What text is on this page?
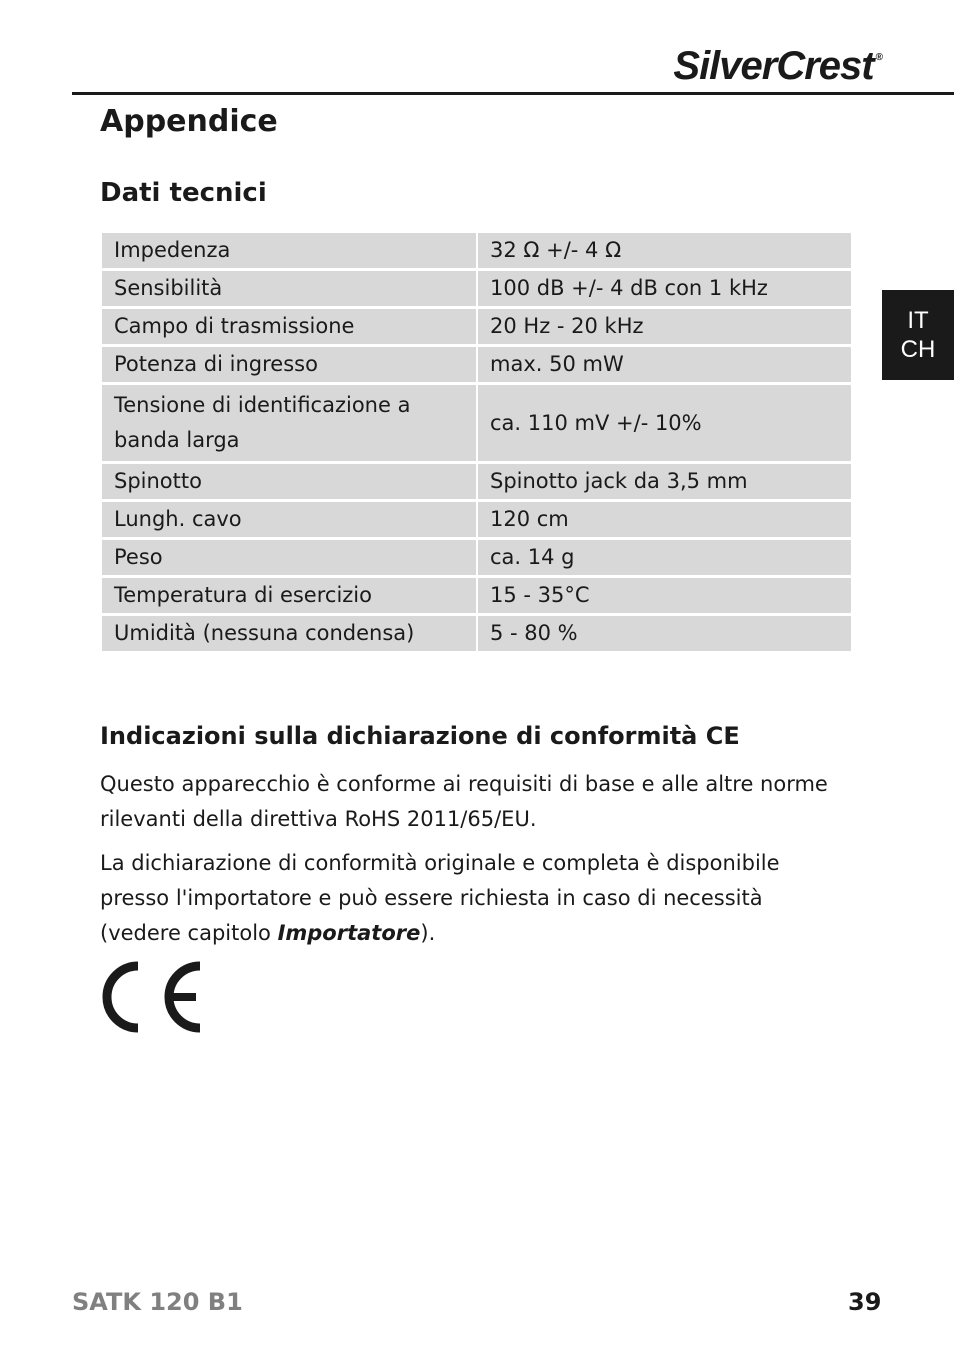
SilverCrest ®
Appendice
Dati tecnici
IT
CH
Impedenza	32 Ω +/- 4 Ω
Sensibilità	100 dB +/- 4 dB con 1 kHz
Campo di trasmissione	20 Hz - 20 kHz
Potenza di ingresso	max. 50 mW
Tensione di identificazione a banda larga	ca. 110 mV +/- 10%
Spinotto	Spinotto jack da 3,5 mm
Lungh. cavo	120 cm
Peso	ca. 14 g
Temperatura di esercizio	15 - 35°C
Umidità (nessuna condensa)	5 - 80 %
Indicazioni sulla dichiarazione di conformità CE

Questo apparecchio è conforme ai requisiti di base e alle altre norme rilevanti della direttiva RoHS 2011/65/EU.

La dichiarazione di conformità originale e completa è disponibile presso l'importatore e può essere richiesta in caso di necessità (vedere capitolo Importatore).

SATK 120 B1	39
